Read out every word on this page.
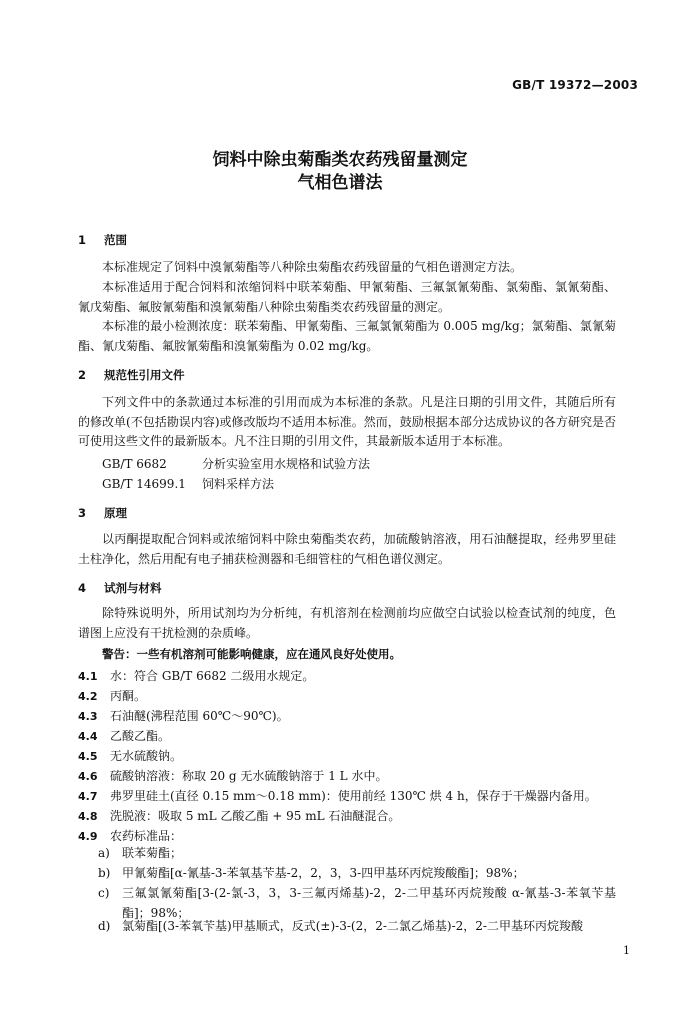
GB/T 19372—2003
饲料中除虫菊酯类农药残留量测定
气相色谱法
1 范围

本标准规定了饲料中溴氰菊酯等八种除虫菊酯农药残留量的气相色谱测定方法。

本标准适用于配合饲料和浓缩饲料中联苯菊酯、甲氰菊酯、三氟氯氰菊酯、氯菊酯、氯氰菊酯、氰戊菊酯、氟胺氰菊酯和溴氰菊酯八种除虫菊酯类农药残留量的测定。

本标准的最小检测浓度：联苯菊酯、甲氰菊酯、三氟氯氰菊酯为 0.005 mg/kg；氯菊酯、氯氰菊酯、氰戊菊酯、氟胺氰菊酯和溴氰菊酯为 0.02 mg/kg。

2 规范性引用文件

下列文件中的条款通过本标准的引用而成为本标准的条款。凡是注日期的引用文件，其随后所有的修改单(不包括勘误内容)或修改版均不适用本标准。然而，鼓励根据本部分达成协议的各方研究是否可使用这些文件的最新版本。凡不注日期的引用文件，其最新版本适用于本标准。

GB/T 6682	分析实验室用水规格和试验方法
GB/T 14699.1 饲料采样方法
3 原理

以丙酮提取配合饲料或浓缩饲料中除虫菊酯类农药，加硫酸钠溶液，用石油醚提取，经弗罗里硅土柱净化，然后用配有电子捕获检测器和毛细管柱的气相色谱仪测定。

4 试剂与材料

除特殊说明外，所用试剂均为分析纯，有机溶剂在检测前均应做空白试验以检查试剂的纯度，色谱图上应没有干扰检测的杂质峰。

警告：一些有机溶剂可能影响健康，应在通风良好处使用。
4.1 水：符合 GB/T 6682 二级用水规定。
4.2 丙酮。
4.3 石油醚(沸程范围 60℃～90℃)。
4.4 乙酸乙酯。
4.5 无水硫酸钠。
4.6 硫酸钠溶液：称取 20 g 无水硫酸钠溶于 1 L 水中。
4.7 弗罗里硅土(直径 0.15 mm～0.18 mm)：使用前经 130℃ 烘 4 h，保存于干燥器内备用。
4.8 洗脱液：吸取 5 mL 乙酸乙酯 + 95 mL 石油醚混合。
4.9 农药标准品：
a) 联苯菊酯；
b) 甲氰菊酯[α-氰基-3-苯氧基苄基-2，2，3，3-四甲基环丙烷羧酸酯]；98%；
c) 三氟氯氰菊酯[3-(2-氯-3，3，3-三氟丙烯基)-2，2-二甲基环丙烷羧酸 α-氰基-3-苯氧苄基酯]；98%；
d) 氯菊酯[(3-苯氧苄基)甲基顺式，反式(±)-3-(2，2-二氯乙烯基)-2，2-二甲基环丙烷羧酸
1
